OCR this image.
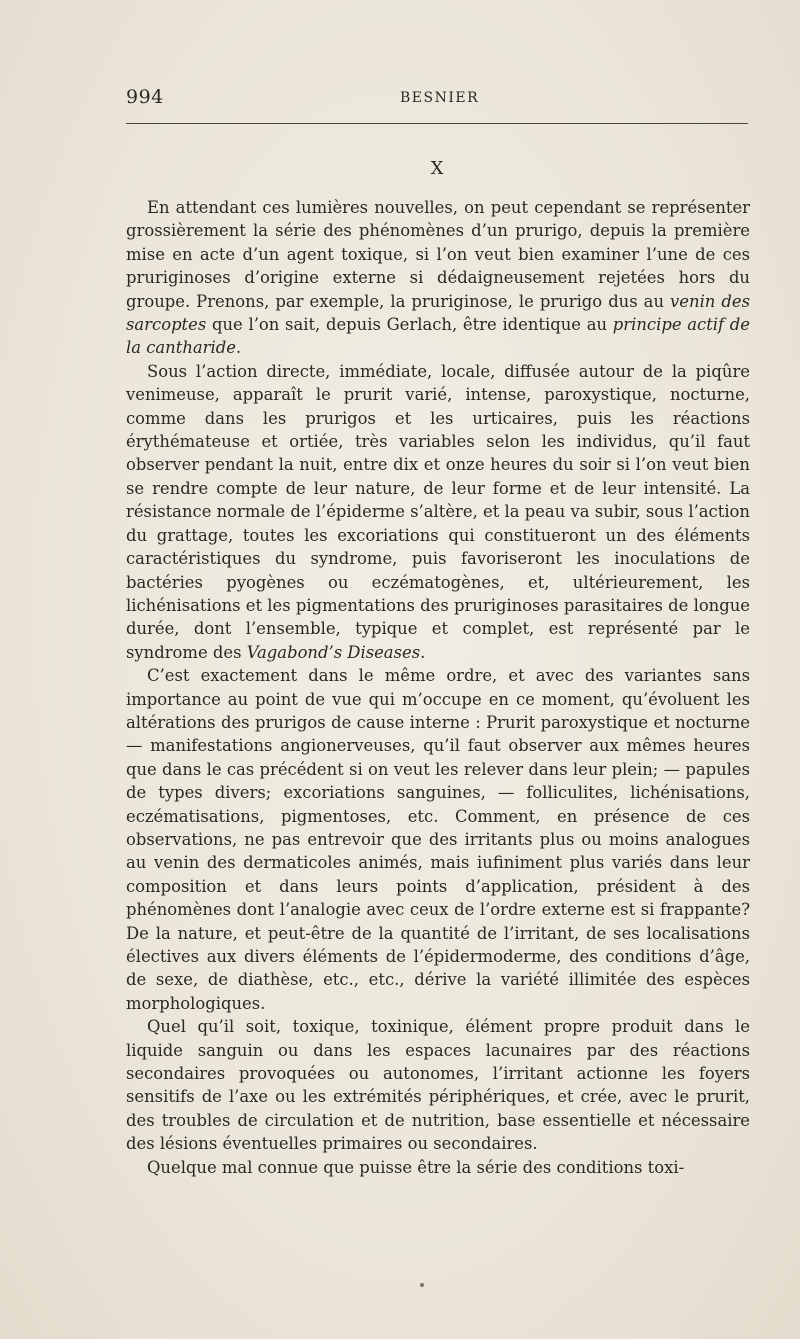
994	BESNIER
X

En attendant ces lumières nouvelles, on peut cependant se représenter grossièrement la série des phénomènes d’un prurigo, depuis la première mise en acte d’un agent toxique, si l’on veut bien examiner l’une de ces pruriginoses d’origine externe si dédaigneusement rejetées hors du groupe. Prenons, par exemple, la pruriginose, le prurigo dus au venin des sarcoptes que l’on sait, depuis Gerlach, être identique au principe actif de la cantharide.

Sous l’action directe, immédiate, locale, diffusée autour de la piqûre venimeuse, apparaît le prurit varié, intense, paroxystique, nocturne, comme dans les prurigos et les urticaires, puis les réactions érythémateuse et ortiée, très variables selon les individus, qu’il faut observer pendant la nuit, entre dix et onze heures du soir si l’on veut bien se rendre compte de leur nature, de leur forme et de leur intensité. La résistance normale de l’épiderme s’altère, et la peau va subir, sous l’action du grattage, toutes les excoriations qui constitueront un des éléments caractéristiques du syndrome, puis favoriseront les inoculations de bactéries pyogènes ou eczématogènes, et, ultérieurement, les lichénisations et les pigmentations des pruriginoses parasitaires de longue durée, dont l’ensemble, typique et complet, est représenté par le syndrome des Vagabond’s Diseases.

C’est exactement dans le même ordre, et avec des variantes sans importance au point de vue qui m’occupe en ce moment, qu’évoluent les altérations des prurigos de cause interne : Prurit paroxystique et nocturne — manifestations angionerveuses, qu’il faut observer aux mêmes heures que dans le cas précédent si on veut les relever dans leur plein; — papules de types divers; excoriations sanguines, — folliculites, lichénisations, eczématisations, pigmentoses, etc. Comment, en présence de ces observations, ne pas entrevoir que des irritants plus ou moins analogues au venin des dermaticoles animés, mais iufiniment plus variés dans leur composition et dans leurs points d’application, président à des phénomènes dont l’analogie avec ceux de l’ordre externe est si frappante? De la nature, et peut-être de la quantité de l’irritant, de ses localisations électives aux divers éléments de l’épidermoderme, des conditions d’âge, de sexe, de diathèse, etc., etc., dérive la variété illimitée des espèces morphologiques.

Quel qu’il soit, toxique, toxinique, élément propre produit dans le liquide sanguin ou dans les espaces lacunaires par des réactions secondaires provoquées ou autonomes, l’irritant actionne les foyers sensitifs de l’axe ou les extrémités périphériques, et crée, avec le prurit, des troubles de circulation et de nutrition, base essentielle et nécessaire des lésions éventuelles primaires ou secondaires.

Quelque mal connue que puisse être la série des conditions toxi-
